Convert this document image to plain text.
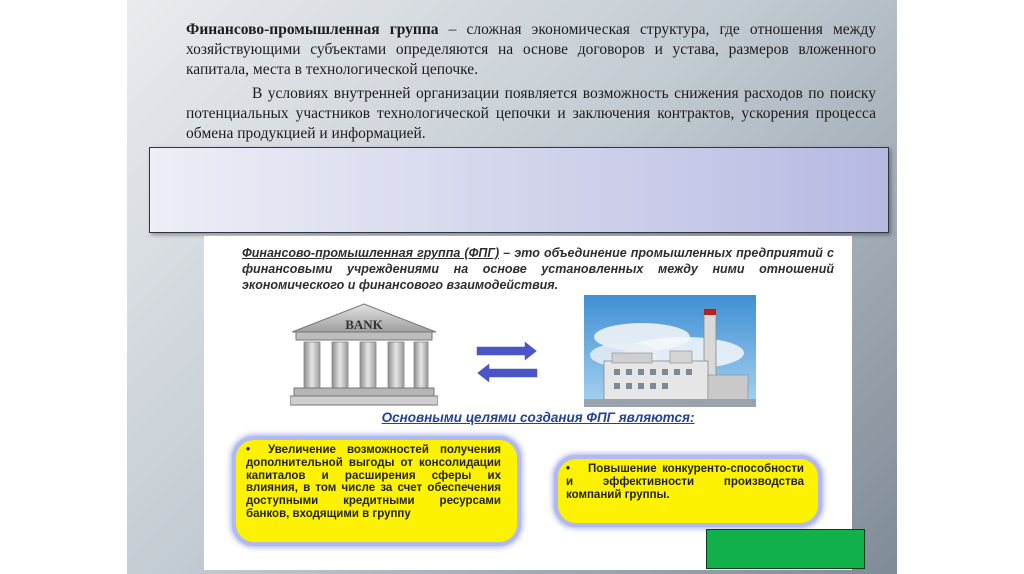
Финансово-промышленная группа – сложная экономическая структура, где отношения между хозяйствующими субъектами определяются на основе договоров и устава, размеров вложенного капитала, места в технологической цепочке.
В условиях внутренней организации появляется возможность снижения расходов по поиску потенциальных участников технологической цепочки и заключения контрактов, ускорения процесса обмена продукцией и информацией.
Финансово-промышленная группа (ФПГ) – это объединение промышленных предприятий с финансовыми учреждениями на основе установленных между ними отношений экономического и финансового взаимодействия.
BANK
Основными целями создания ФПГ являются:
• Увеличение возможностей получения дополнительной выгоды от консолидации капиталов и расширения сферы их влияния, в том числе за счет обеспечения доступными кредитными ресурсами банков, входящими в группу
• Повышение конкуренто-способности и эффективности производства компаний группы.
